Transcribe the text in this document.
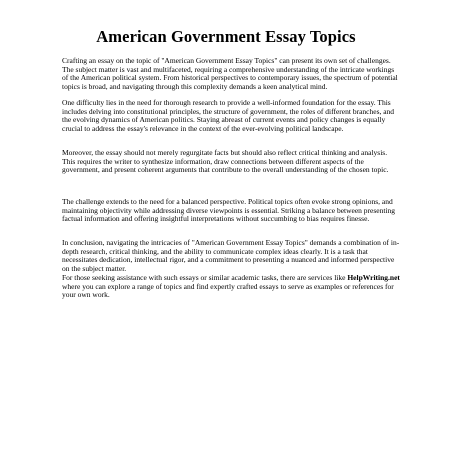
American Government Essay Topics

Crafting an essay on the topic of "American Government Essay Topics" can present its own set of challenges. The subject matter is vast and multifaceted, requiring a comprehensive understanding of the intricate workings of the American political system. From historical perspectives to contemporary issues, the spectrum of potential topics is broad, and navigating through this complexity demands a keen analytical mind.

One difficulty lies in the need for thorough research to provide a well-informed foundation for the essay. This includes delving into constitutional principles, the structure of government, the roles of different branches, and the evolving dynamics of American politics. Staying abreast of current events and policy changes is equally crucial to address the essay's relevance in the context of the ever-evolving political landscape.

Moreover, the essay should not merely regurgitate facts but should also reflect critical thinking and analysis. This requires the writer to synthesize information, draw connections between different aspects of the government, and present coherent arguments that contribute to the overall understanding of the chosen topic.

The challenge extends to the need for a balanced perspective. Political topics often evoke strong opinions, and maintaining objectivity while addressing diverse viewpoints is essential. Striking a balance between presenting factual information and offering insightful interpretations without succumbing to bias requires finesse.

In conclusion, navigating the intricacies of "American Government Essay Topics" demands a combination of in-depth research, critical thinking, and the ability to communicate complex ideas clearly. It is a task that necessitates dedication, intellectual rigor, and a commitment to presenting a nuanced and informed perspective on the subject matter.

For those seeking assistance with such essays or similar academic tasks, there are services like HelpWriting.net where you can explore a range of topics and find expertly crafted essays to serve as examples or references for your own work.
